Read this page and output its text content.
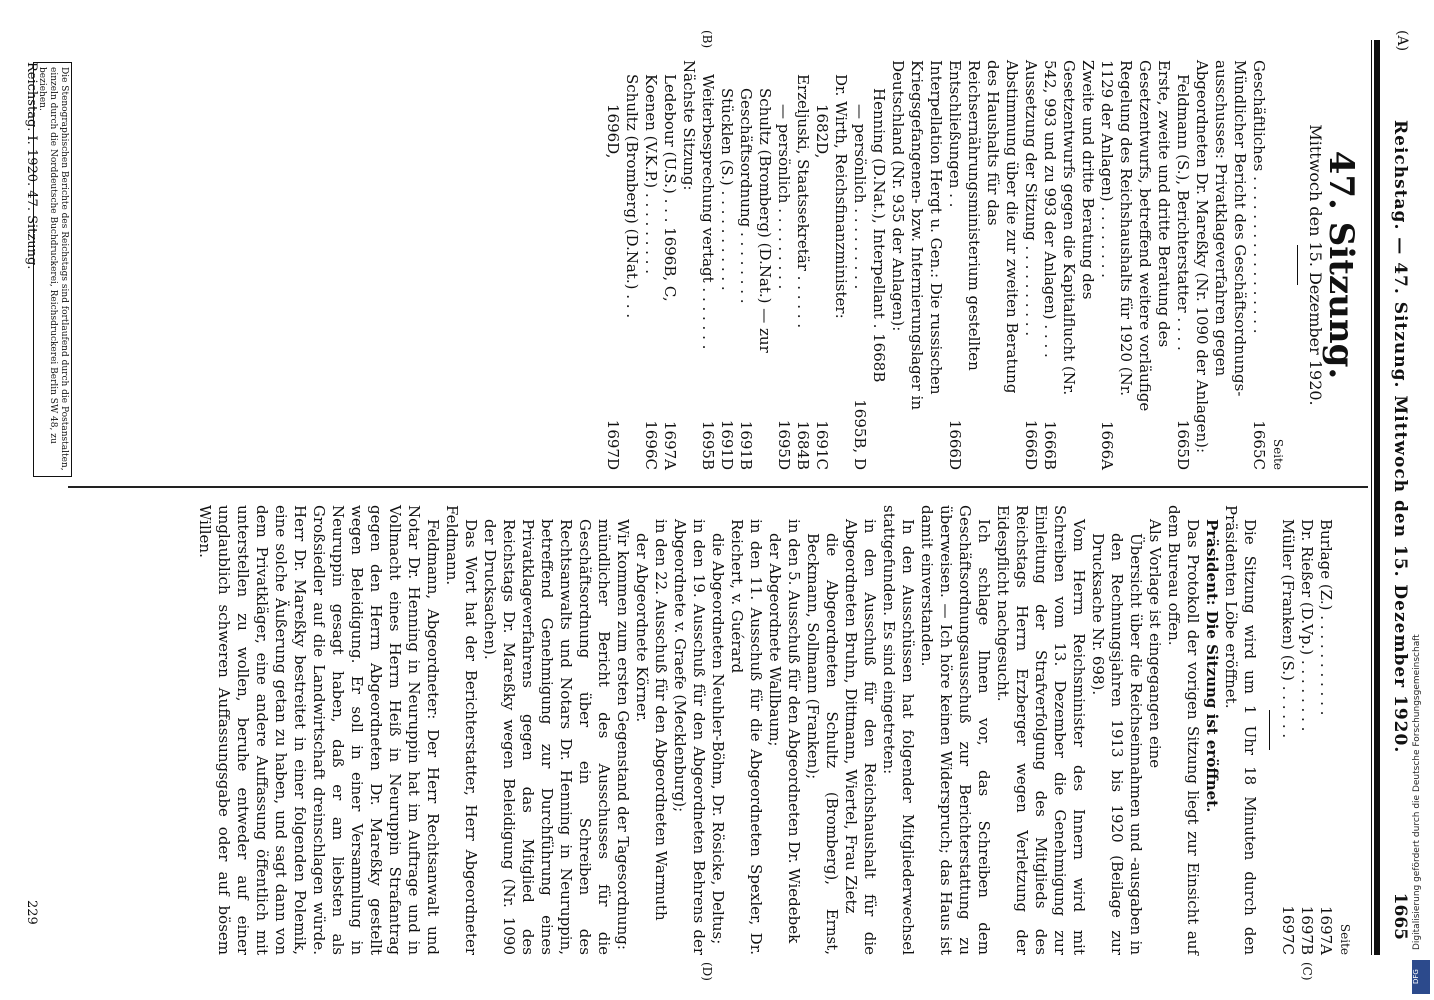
(A)
Reichstag. — 47. Sitzung. Mittwoch den 15. Dezember 1920.
1665
47. Sitzung.
Mittwoch den 15. Dezember 1920.
Seite
Geschäftliches . . . . . . . . . . . . . . . . .
1665C
Mündlicher Bericht des Geschäftsordnungs-ausschusses: Privatklageverfahren gegen Abgeordneten Dr. Mareßky (Nr. 1090 der Anlagen):
Feldmann (S.), Berichterstatter . . . .
1665D
Erste, zweite und dritte Beratung des Gesetzentwurfs, betreffend weitere vorläufige Regelung des Reichshaushalts für 1920 (Nr. 1129 der Anlagen) . . . . . . . .
1666A
Zweite und dritte Beratung des Gesetzentwurfs gegen die Kapitalflucht (Nr. 542, 993 und zu 993 der Anlagen) . . . .
1666B
Aussetzung der Sitzung . . . . . . . . . .
1666D
Abstimmung über die zur zweiten Beratung des Haushalts für das Reichsernährungsministerium gestellten Entschließungen . .
1666D
Interpellation Hergt u. Gen.: Die russischen Kriegsgefangenen- bzw. Internierungslager in Deutschland (Nr. 935 der Anlagen):
Henning (D.Nat.), Interpellant . 1668B
— persönlich . . . . . . . . .
1695B, D
Dr. Wirth, Reichsfinanzminister:
1682D,
1691C
Erzeljuski, Staatssekretär . . . . . .
1684B
— persönlich . . . . . . . . .
1695D
Schultz (Bromberg) (D.Nat.) — zur Geschäftsordnung . . . . . . . .
1691B
Stücklen (S.) . . . . . . . . . . .
1691D
Weiterbesprechung vertagt . . . . . . .
1695B
Nächste Sitzung:
Ledebour (U.S.) . . . 1696B, C,
1697A
Koenen (V.K.P.) . . . . . . . . .
1696C
Schultz (Bromberg) (D.Nat.) . . .
1696D,
1697D
Seite
Burlage (Z.) . . . . . . . . . . .
1697A
Dr. Rießer (D.Vp.) . . . . . . . .
1697B
Müller (Franken) (S.) . . . . . .
1697C

Die Sitzung wird um 1 Uhr 18 Minuten durch den Präsidenten Löbe eröffnet.

Präsident: Die Sitzung ist eröffnet.

Das Protokoll der vorigen Sitzung liegt zur Einsicht auf dem Bureau offen.

Als Vorlage ist eingegangen eine

Übersicht über die Reichseinnahmen und -ausgaben in den Rechnungsjahren 1913 bis 1920 (Beilage zur Drucksache Nr. 698).

Vom Herrn Reichsminister des Innern wird mit Schreiben vom 13. Dezember die Genehmigung zur Einleitung der Strafverfolgung des Mitglieds des Reichstags Herrn Erzberger wegen Verletzung der Eidespflicht nachgesucht.

Ich schlage Ihnen vor, das Schreiben dem Geschäftsordnungsausschuß zur Berichterstattung zu überweisen. — Ich höre keinen Widerspruch; das Haus ist damit einverstanden.

In den Ausschüssen hat folgender Mitgliederwechsel stattgefunden. Es sind eingetreten:

in den Ausschuß für den Reichshaushalt für die Abgeordneten Bruhn, Dittmann, Wiertel, Frau Zietz

die Abgeordneten Schultz (Bromberg), Ernst, Beckmann, Sollmann (Franken);

in den 5. Ausschuß für den Abgeordneten Dr. Wiedebek

der Abgeordnete Wallbaum;

in den 11. Ausschuß für die Abgeordneten Spexler, Dr. Reichert, v. Guérard

die Abgeordneten Neuhler-Böhm, Dr. Rösicke, Deltus;

in den 19. Ausschuß für den Abgeordneten Behrens der Abgeordnete v. Graefe (Mecklenburg);

in den 22. Ausschuß für den Abgeordneten Warmuth

der Abgeordnete Körner.

Wir kommen zum ersten Gegenstand der Tagesordnung:

mündlicher Bericht des Ausschusses für die Geschäftsordnung über ein Schreiben des Rechtsanwalts und Notars Dr. Henning in Neuruppin, betreffend Genehmigung zur Durchführung eines Privatklageverfahrens gegen das Mitglied des Reichstags Dr. Mareßky wegen Beleidigung (Nr. 1090 der Drucksachen).

Das Wort hat der Berichterstatter, Herr Abgeordneter Feldmann.

Feldmann, Abgeordneter: Der Herr Rechtsanwalt und Notar Dr. Henning in Neuruppin hat im Auftrage und in Vollmacht eines Herrn Heiß in Neuruppin Strafantrag gegen den Herrn Abgeordneten Dr. Mareßky gestellt wegen Beleidigung. Er soll in einer Versammlung in Neuruppin gesagt haben, daß er am liebsten als Großsiedler auf die Landwirtschaft dreinschlagen würde. Herr Dr. Mareßky bestreitet in einer folgenden Polemik, eine solche Äußerung getan zu haben, und sagt dann von dem Privatkläger, eine andere Auffassung öffentlich mit unterstellen zu wollen, beruhe entweder auf einer unglaublich schweren Auffassungsgabe oder auf bösem Willen.

(C)
(D)
(B)
Die Stenographischen Berichte des Reichstags sind fortlaufend durch die Postanstalten, einzeln durch die Norddeutsche Buchdruckerei, Reichsdruckerei Berlin SW 48, zu beziehen.
Reichstag. I. 1920. 47. Sitzung.
229	Digitalisierung gefördert durch die Deutsche Forschungsgemeinschaft
DFG
